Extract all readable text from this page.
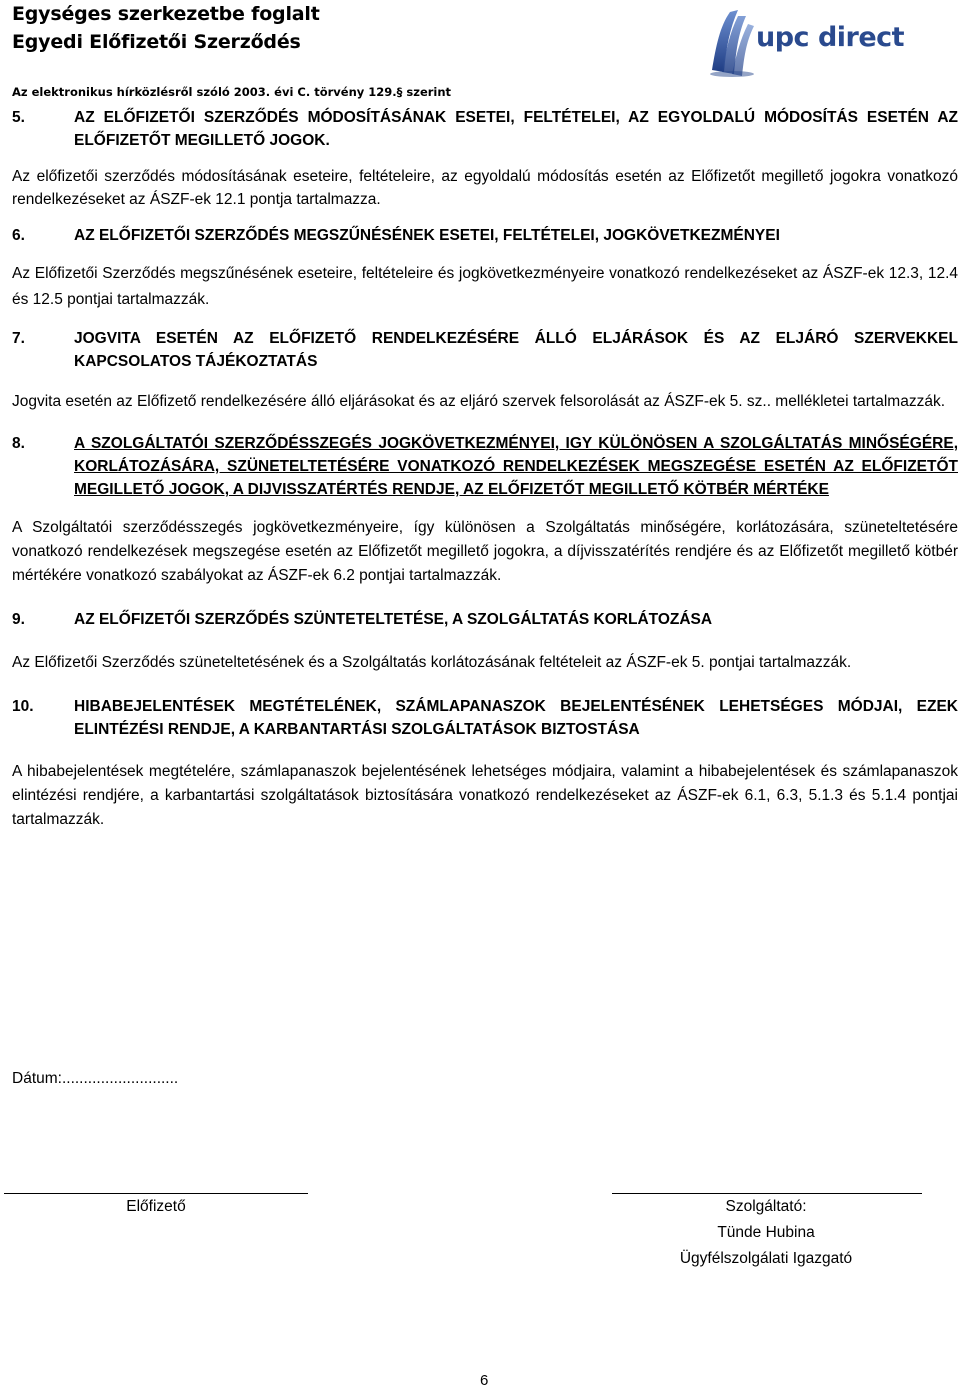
Egységes szerkezetbe foglalt
Egyedi Előfizetői Szerződés
Az elektronikus hírközlésről szóló 2003. évi C. törvény 129.§ szerint
upc direct
5.	AZ ELŐFIZETŐI SZERZŐDÉS MÓDOSÍTÁSÁNAK ESETEI, FELTÉTELEI, AZ EGYOLDALÚ MÓDOSÍTÁS ESETÉN AZ ELŐFIZETŐT MEGILLETŐ JOGOK.

Az előfizetői szerződés módosításának eseteire, feltételeire, az egyoldalú módosítás esetén az Előfizetőt megillető jogokra vonatkozó rendelkezéseket az ÁSZF-ek 12.1 pontja tartalmazza.

6.	AZ ELŐFIZETŐI SZERZŐDÉS MEGSZŰNÉSÉNEK ESETEI, FELTÉTELEI, JOGKÖVETKEZMÉNYEI

Az Előfizetői Szerződés megszűnésének eseteire, feltételeire és jogkövetkezményeire vonatkozó rendelkezéseket az ÁSZF-ek 12.3, 12.4 és 12.5 pontjai tartalmazzák.

7.	JOGVITA ESETÉN AZ ELŐFIZETŐ RENDELKEZÉSÉRE ÁLLÓ ELJÁRÁSOK ÉS AZ ELJÁRÓ SZERVEKKEL KAPCSOLATOS TÁJÉKOZTATÁS

Jogvita esetén az Előfizető rendelkezésére álló eljárásokat és az eljáró szervek felsorolását az ÁSZF-ek 5. sz.. mellékletei tartalmazzák.

8.	A SZOLGÁLTATÓI SZERZŐDÉSSZEGÉS JOGKÖVETKEZMÉNYEI, IGY KÜLÖNÖSEN A SZOLGÁLTATÁS MINŐSÉGÉRE, KORLÁTOZÁSÁRA, SZÜNETELTETÉSÉRE VONATKOZÓ RENDELKEZÉSEK MEGSZEGÉSE ESETÉN AZ ELŐFIZETŐT MEGILLETŐ JOGOK, A DIJVISSZATÉRTÉS RENDJE, AZ ELŐFIZETŐT MEGILLETŐ KÖTBÉR MÉRTÉKE

A Szolgáltatói szerződésszegés jogkövetkezményeire, így különösen a Szolgáltatás minőségére, korlátozására, szüneteltetésére vonatkozó rendelkezések megszegése esetén az Előfizetőt megillető jogokra, a díjvisszatérítés rendjére és az Előfizetőt megillető kötbér mértékére vonatkozó szabályokat az ÁSZF-ek 6.2 pontjai tartalmazzák.

9.	AZ ELŐFIZETŐI SZERZŐDÉS SZÜNTETELTETÉSE, A SZOLGÁLTATÁS KORLÁTOZÁSA

Az Előfizetői Szerződés szüneteltetésének és a Szolgáltatás korlátozásának feltételeit az ÁSZF-ek 5. pontjai tartalmazzák.

10.	HIBABEJELENTÉSEK MEGTÉTELÉNEK, SZÁMLAPANASZOK BEJELENTÉSÉNEK LEHETSÉGES MÓDJAI, EZEK ELINTÉZÉSI RENDJE, A KARBANTARTÁSI SZOLGÁLTATÁSOK BIZTOSTÁSA

A hibabejelentések megtételére, számlapanaszok bejelentésének lehetséges módjaira, valamint a hibabejelentések és számlapanaszok elintézési rendjére, a karbantartási szolgáltatások biztosítására vonatkozó rendelkezéseket az ÁSZF-ek 6.1, 6.3, 5.1.3 és 5.1.4 pontjai tartalmazzák.

Dátum:...........................
Előfizető	Szolgáltató:
Tünde Hubina
Ügyfélszolgálati Igazgató
6
